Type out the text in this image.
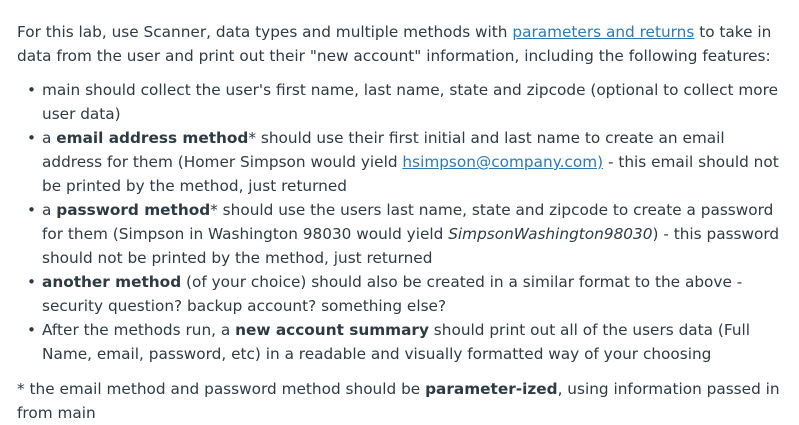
For this lab, use Scanner, data types and multiple methods with parameters and returns to take in data from the user and print out their "new account" information, including the following features:

• main should collect the user's first name, last name, state and zipcode (optional to collect more user data)
• a email address method* should use their first initial and last name to create an email address for them (Homer Simpson would yield hsimpson@company.com) - this email should not be printed by the method, just returned
• a password method* should use the users last name, state and zipcode to create a password for them (Simpson in Washington 98030 would yield SimpsonWashington98030) - this password should not be printed by the method, just returned
• another method (of your choice) should also be created in a similar format to the above - security question? backup account? something else?
• After the methods run, a new account summary should print out all of the users data (Full Name, email, password, etc) in a readable and visually formatted way of your choosing

* the email method and password method should be parameter-ized, using information passed in from main
